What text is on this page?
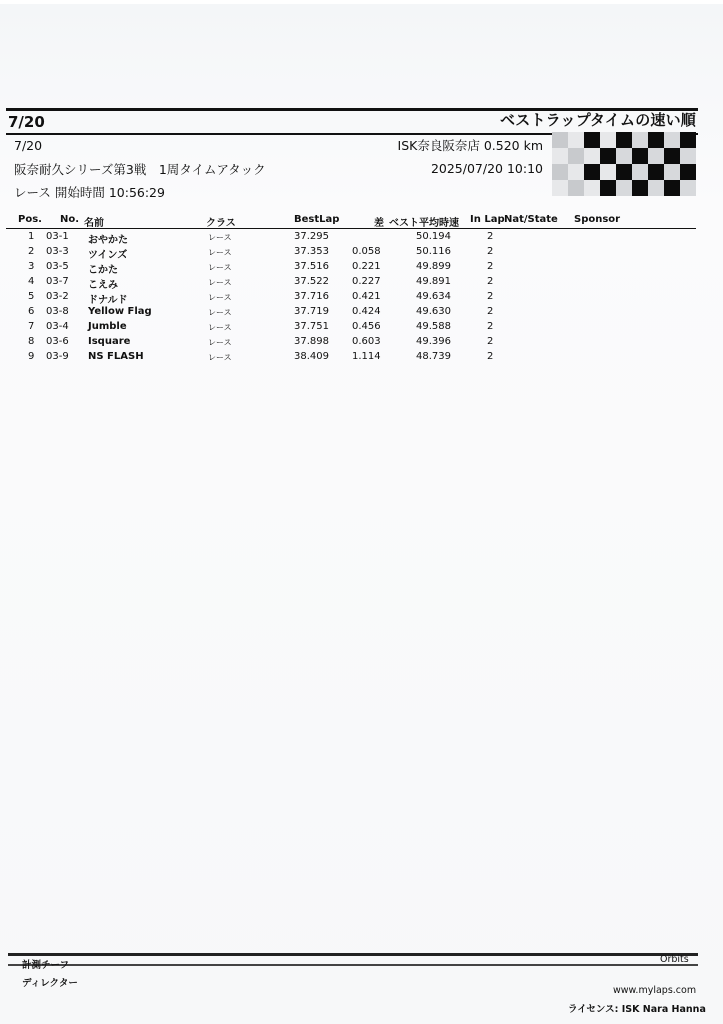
7/20	ベストラップタイムの速い順
7/20	ISK奈良阪奈店 0.520 km
阪奈耐久シリーズ第3戦　1周タイムアタック	2025/07/20 10:10
レース 開始時間 10:56:29
Pos. No. 名前	クラス	BestLap	差 ベスト平均時速 In Lap Nat/State Sponsor
1 03-1 おやかた	レース	37.295	50.194	2
2 03-3 ツインズ	レース	37.353 0.058	50.116	2
3 03-5 こかた	レース	37.516 0.221	49.899	2
4 03-7 こえみ	レース	37.522 0.227	49.891	2
5 03-2 ドナルド	レース	37.716 0.421	49.634	2
6 03-8 Yellow Flag	レース	37.719 0.424	49.630	2
7 03-4 Jumble	レース	37.751 0.456	49.588	2
8 03-6 Isquare	レース	37.898 0.603	49.396	2
9 03-9 NS FLASH	レース	38.409 1.114	48.739	2
計測チーフ
ディレクター
Orbits
www.mylaps.com
ライセンス: ISK Nara Hanna
